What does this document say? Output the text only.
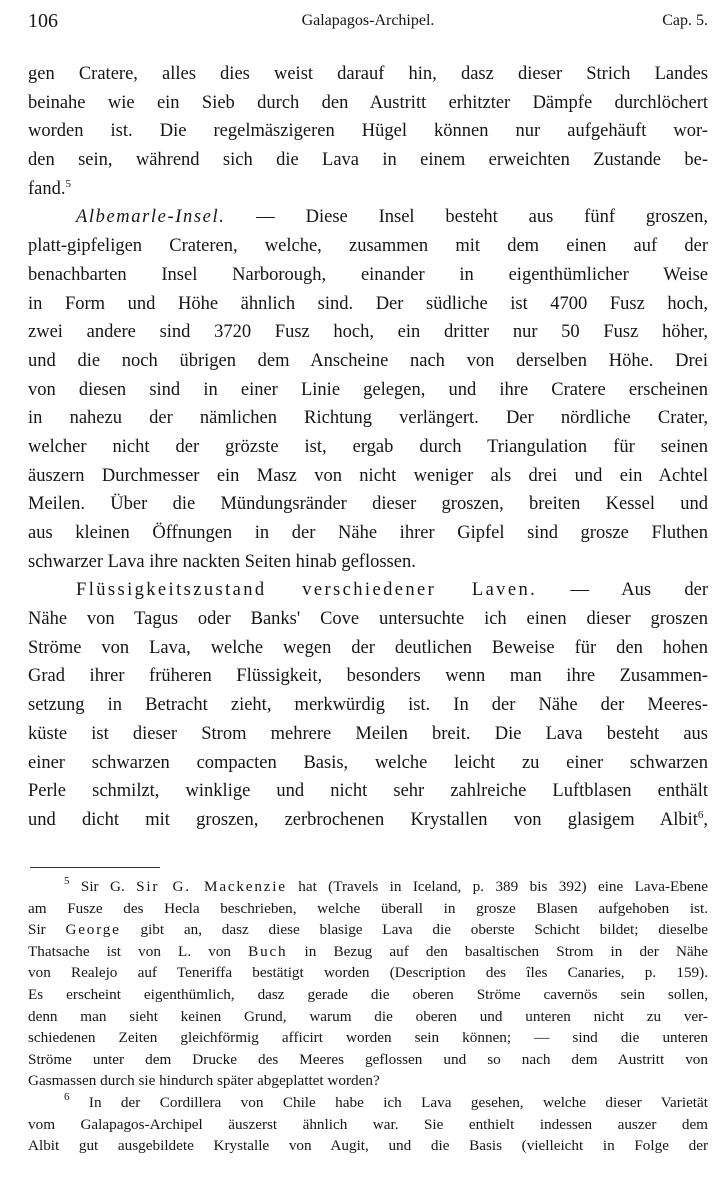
106	Galapagos-Archipel.	Cap. 5.
gen Cratere, alles dies weist darauf hin, dasz dieser Strich Landes
beinahe wie ein Sieb durch den Austritt erhitzter Dämpfe durchlöchert
worden ist. Die regelmäszigeren Hügel können nur aufgehäuft wor-
den sein, während sich die Lava in einem erweichten Zustande be-
fand.$^5$
Albemarle-Insel. — Diese Insel besteht aus fünf groszen,
platt-gipfeligen Crateren, welche, zusammen mit dem einen auf der
benachbarten Insel Narborough, einander in eigenthümlicher Weise
in Form und Höhe ähnlich sind. Der südliche ist 4700 Fusz hoch,
zwei andere sind 3720 Fusz hoch, ein dritter nur 50 Fusz höher,
und die noch übrigen dem Anscheine nach von derselben Höhe. Drei
von diesen sind in einer Linie gelegen, und ihre Cratere erscheinen
in nahezu der nämlichen Richtung verlängert. Der nördliche Crater,
welcher nicht der grözste ist, ergab durch Triangulation für seinen
äuszern Durchmesser ein Masz von nicht weniger als drei und ein Achtel
Meilen. Über die Mündungsränder dieser groszen, breiten Kessel und
aus kleinen Öffnungen in der Nähe ihrer Gipfel sind grosze Fluthen
schwarzer Lava ihre nackten Seiten hinab geflossen.
Flüssigkeitszustand verschiedener Laven. — Aus der
Nähe von Tagus oder Banks' Cove untersuchte ich einen dieser groszen
Ströme von Lava, welche wegen der deutlichen Beweise für den hohen
Grad ihrer früheren Flüssigkeit, besonders wenn man ihre Zusammen-
setzung in Betracht zieht, merkwürdig ist. In der Nähe der Meeres-
küste ist dieser Strom mehrere Meilen breit. Die Lava besteht aus
einer schwarzen compacten Basis, welche leicht zu einer schwarzen
Perle schmilzt, winklige und nicht sehr zahlreiche Luftblasen enthält
und dicht mit groszen, zerbrochenen Krystallen von glasigem Albit$^6$,
$^5$ Sir G. Sir G. Mackenzie hat (Travels in Iceland, p. 389 bis 392) eine Lava-Ebene
am Fusze des Hecla beschrieben, welche überall in grosze Blasen aufgehoben ist.
Sir George gibt an, dasz diese blasige Lava die oberste Schicht bildet; dieselbe
Thatsache ist von L. von Buch in Bezug auf den basaltischen Strom in der Nähe
von Realejo auf Teneriffa bestätigt worden (Description des îles Canaries, p. 159).
Es erscheint eigenthümlich, dasz gerade die oberen Ströme cavernös sein sollen,
denn man sieht keinen Grund, warum die oberen und unteren nicht zu ver-
schiedenen Zeiten gleichförmig afficirt worden sein können; — sind die unteren
Ströme unter dem Drucke des Meeres geflossen und so nach dem Austritt von
Gasmassen durch sie hindurch später abgeplattet worden?
$^6$ In der Cordillera von Chile habe ich Lava gesehen, welche dieser Varietät
vom Galapagos-Archipel äuszerst ähnlich war. Sie enthielt indessen auszer dem
Albit gut ausgebildete Krystalle von Augit, und die Basis (vielleicht in Folge der
